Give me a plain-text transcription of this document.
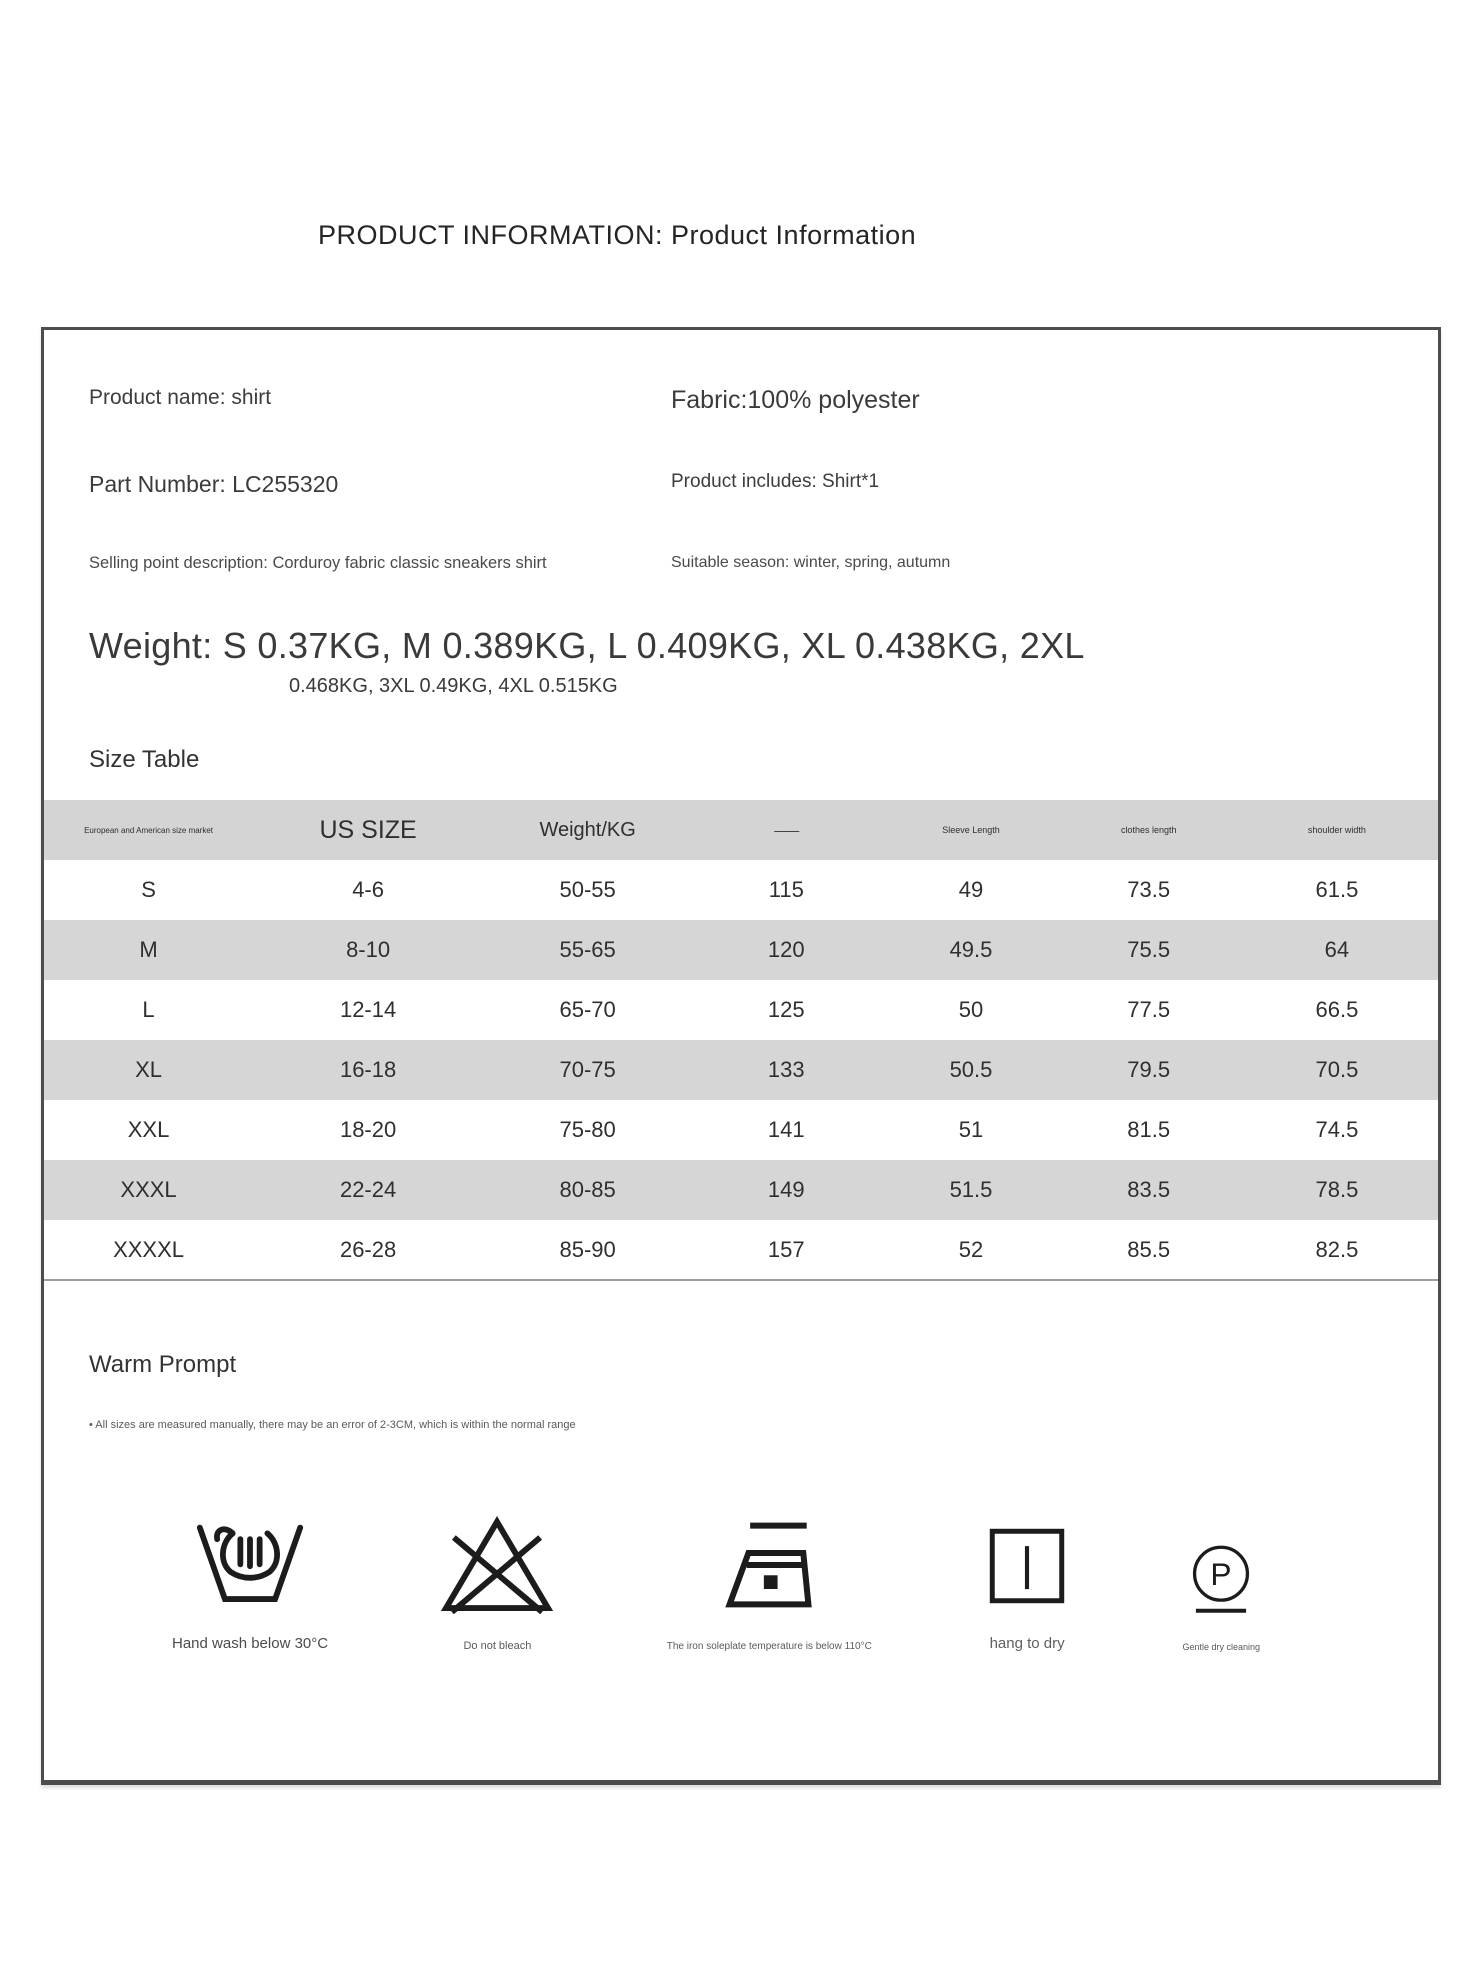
PRODUCT INFORMATION: Product Information
Product name: shirt	Fabric:100% polyester
Part Number: LC255320	Product includes: Shirt*1
Selling point description: Corduroy fabric classic sneakers shirt	Suitable season: winter, spring, autumn
Weight: S 0.37KG, M 0.389KG, L 0.409KG, XL 0.438KG, 2XL
0.468KG, 3XL 0.49KG, 4XL 0.515KG
Size Table
European and American size market	US SIZE	Weight/KG	——	Sleeve Length	clothes length	shoulder width
S	4-6	50-55	115	49	73.5	61.5
M	8-10	55-65	120	49.5	75.5	64
L	12-14	65-70	125	50	77.5	66.5
XL	16-18	70-75	133	50.5	79.5	70.5
XXL	18-20	75-80	141	51	81.5	74.5
XXXL	22-24	80-85	149	51.5	83.5	78.5
XXXXL	26-28	85-90	157	52	85.5	82.5
Warm Prompt
• All sizes are measured manually, there may be an error of 2-3CM, which is within the normal range
Hand wash below 30°C	Do not bleach	The iron soleplate temperature is below 110°C	hang to dry
P
Gentle dry cleaning
